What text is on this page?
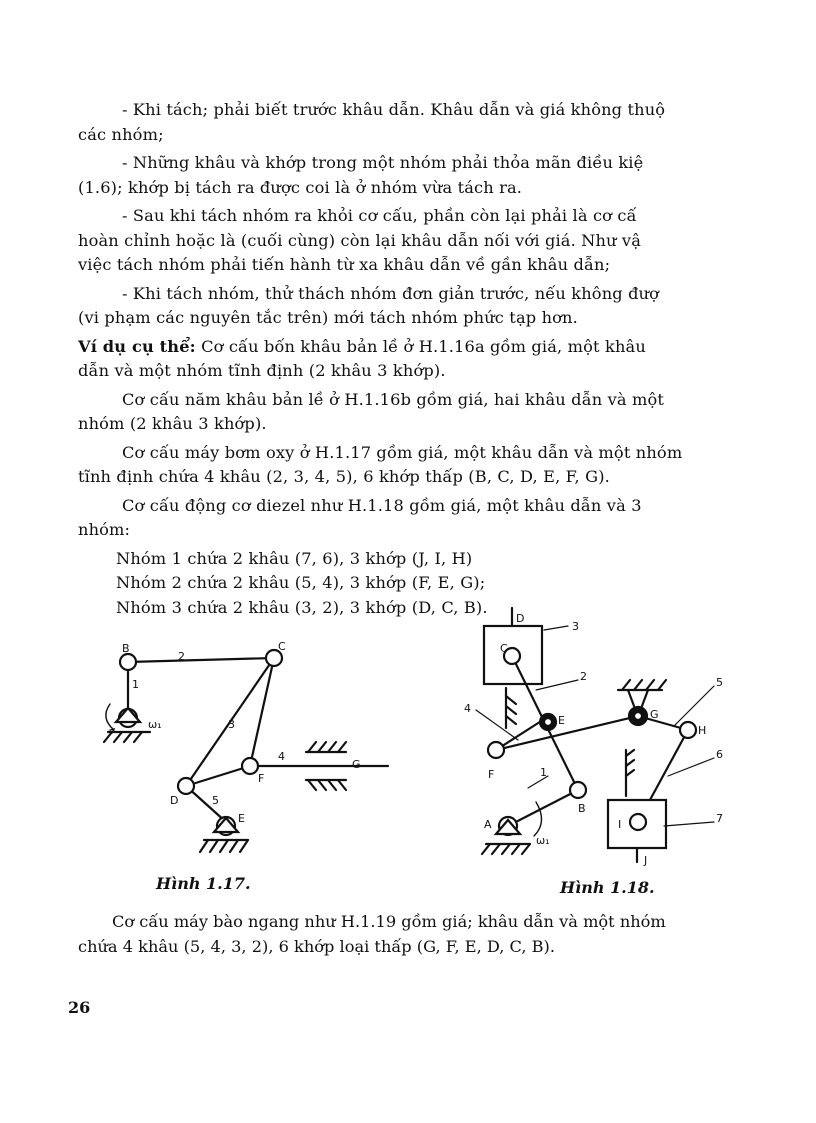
- Khi tách; phải biết trước khâu dẫn. Khâu dẫn và giá không thuộ
các nhóm;
- Những khâu và khớp trong một nhóm phải thỏa mãn điều kiệ
(1.6); khớp bị tách ra được coi là ở nhóm vừa tách ra.
- Sau khi tách nhóm ra khỏi cơ cấu, phần còn lại phải là cơ cấ
hoàn chỉnh hoặc là (cuối cùng) còn lại khâu dẫn nối với giá. Như vậ
việc tách nhóm phải tiến hành từ xa khâu dẫn về gần khâu dẫn;
- Khi tách nhóm, thử thách nhóm đơn giản trước, nếu không đượ
(vi phạm các nguyên tắc trên) mới tách nhóm phức tạp hơn.
Ví dụ cụ thể: Cơ cấu bốn khâu bản lề ở H.1.16a gồm giá, một khâu
dẫn và một nhóm tĩnh định (2 khâu 3 khớp).
Cơ cấu năm khâu bản lề ở H.1.16b gồm giá, hai khâu dẫn và một
nhóm (2 khâu 3 khớp).
Cơ cấu máy bơm oxy ở H.1.17 gồm giá, một khâu dẫn và một nhóm
tĩnh định chứa 4 khâu (2, 3, 4, 5), 6 khớp thấp (B, C, D, E, F, G).
Cơ cấu động cơ diezel như H.1.18 gồm giá, một khâu dẫn và 3
nhóm:
Nhóm 1 chứa 2 khâu (7, 6), 3 khớp (J, I, H)
Nhóm 2 chứa 2 khâu (5, 4), 3 khớp (F, E, G);
Nhóm 3 chứa 2 khâu (3, 2), 3 khớp (D, C, B).
B	C
2
1
3
4
G
F
D	5
E
ω₁
D
3
C
2
4
E
F
G
H
5
6
7
1
B
A
ω₁
I
J
Hình 1.17.	Hình 1.18.
Cơ cấu máy bào ngang như H.1.19 gồm giá; khâu dẫn và một nhóm
chứa 4 khâu (5, 4, 3, 2), 6 khớp loại thấp (G, F, E, D, C, B).
26
